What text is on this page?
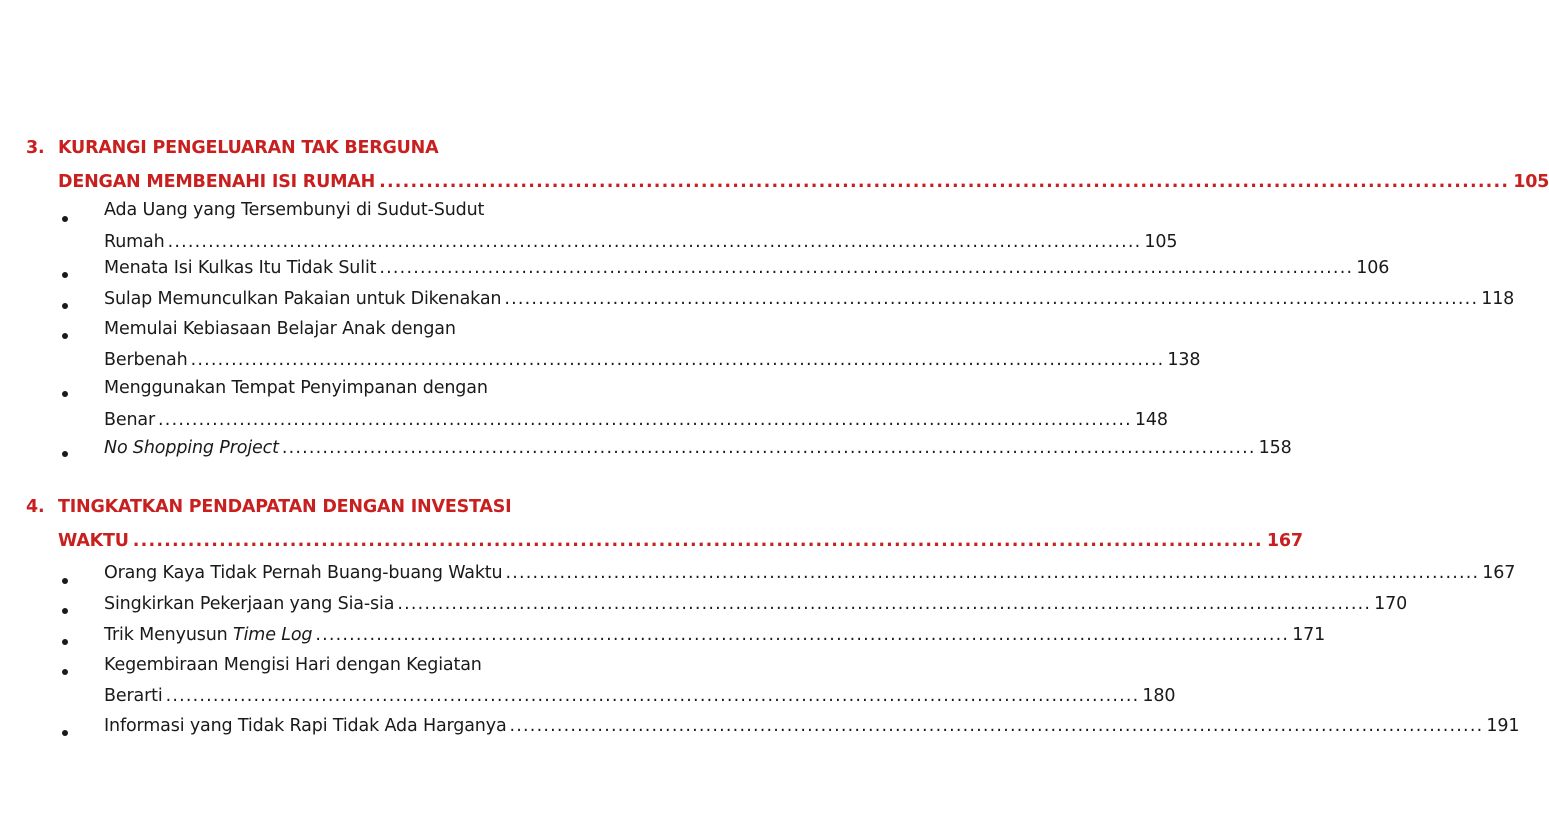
3. KURANGI PENGELUARAN TAK BERGUNA
DENGAN MEMBENAHI ISI RUMAH ................................................................................................................................................ 105
Ada Uang yang Tersembunyi di Sudut-Sudut
Rumah ................................................................................................................................................ 105
Menata Isi Kulkas Itu Tidak Sulit ................................................................................................................................................ 106
Sulap Memunculkan Pakaian untuk Dikenakan ................................................................................................................................................ 118
Memulai Kebiasaan Belajar Anak dengan
Berbenah ................................................................................................................................................ 138
Menggunakan Tempat Penyimpanan dengan
Benar ................................................................................................................................................ 148
No Shopping Project ................................................................................................................................................ 158
4. TINGKATKAN PENDAPATAN DENGAN INVESTASI
WAKTU ................................................................................................................................................ 167
Orang Kaya Tidak Pernah Buang-buang Waktu ................................................................................................................................................ 167
Singkirkan Pekerjaan yang Sia-sia ................................................................................................................................................ 170
Trik Menyusun Time Log ................................................................................................................................................ 171
Kegembiraan Mengisi Hari dengan Kegiatan
Berarti ................................................................................................................................................ 180
Informasi yang Tidak Rapi Tidak Ada Harganya ................................................................................................................................................ 191
